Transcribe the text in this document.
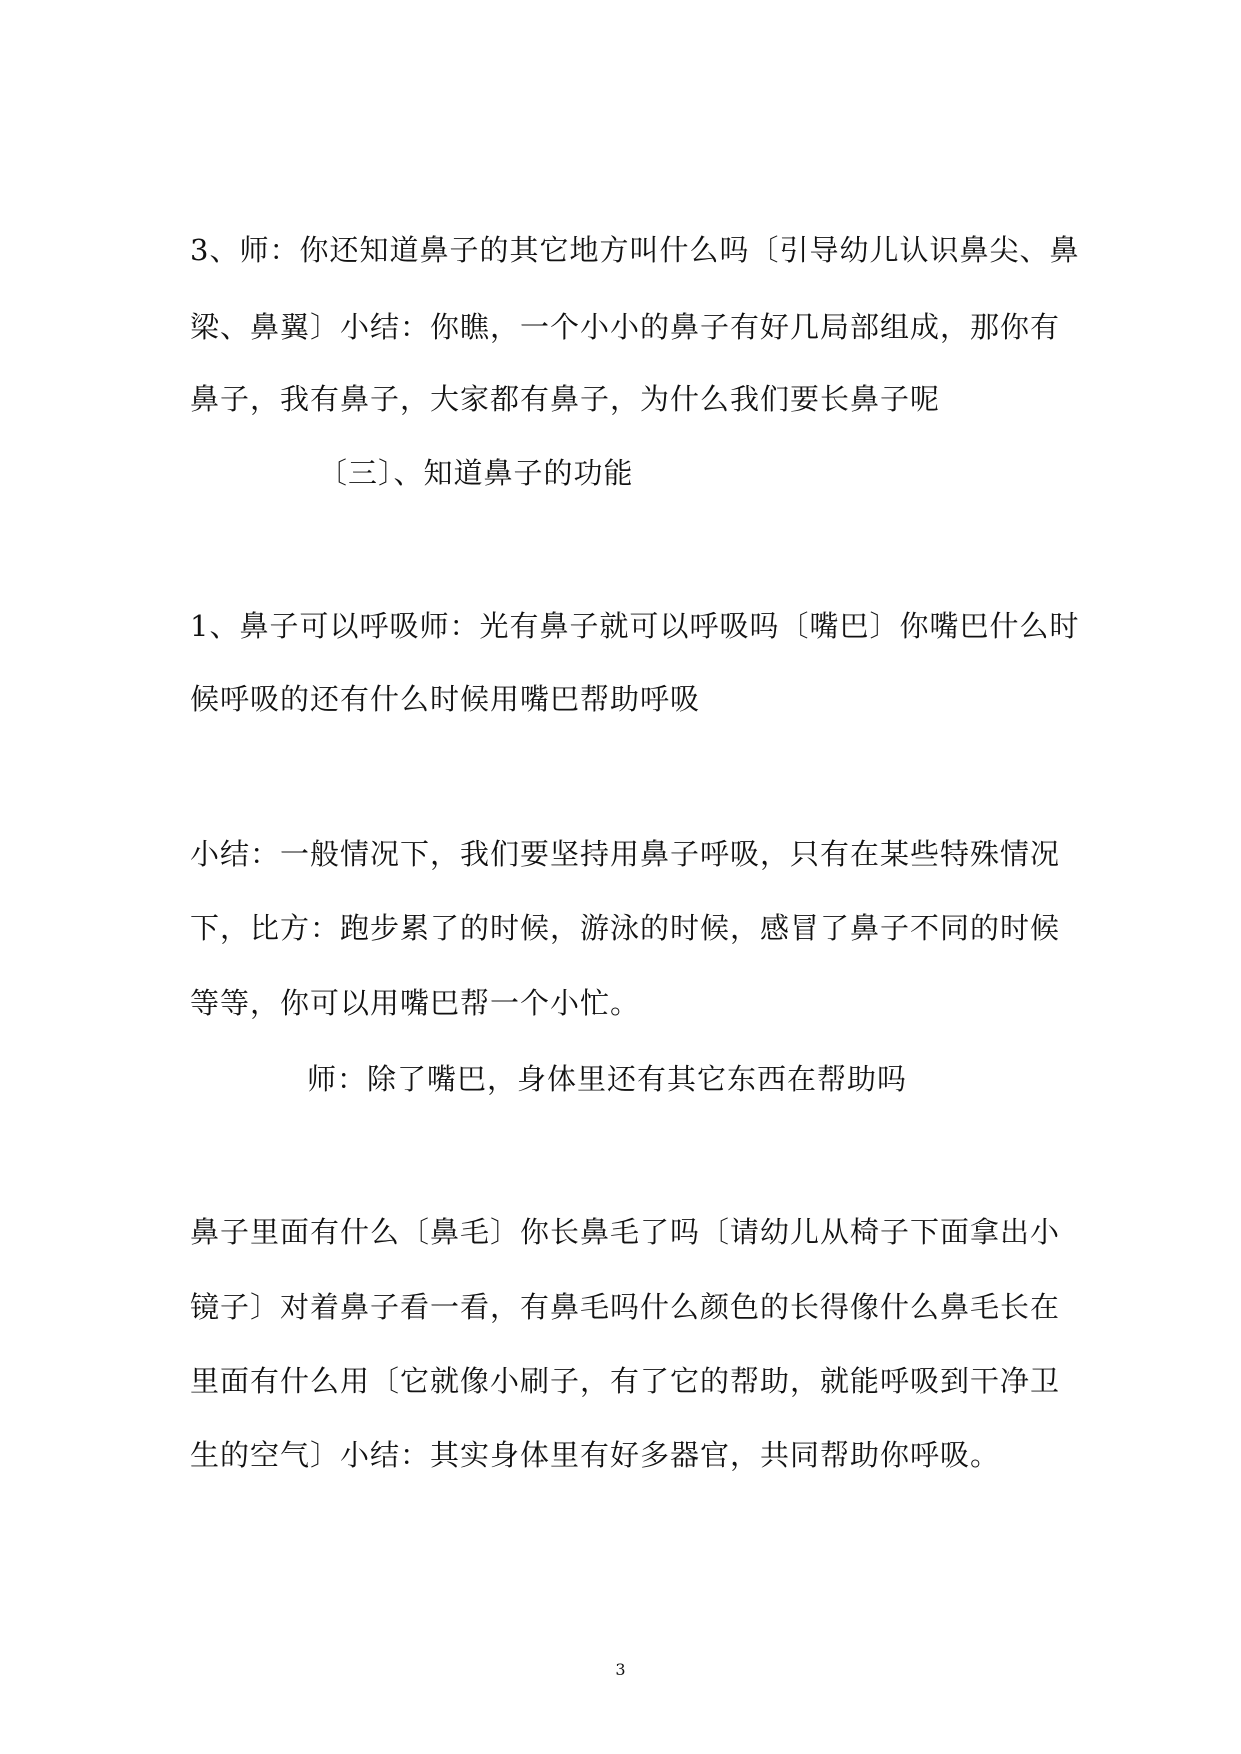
3、师：你还知道鼻子的其它地方叫什么吗〔引导幼儿认识鼻尖、鼻
梁、鼻翼〕小结：你瞧，一个小小的鼻子有好几局部组成，那你有
鼻子，我有鼻子，大家都有鼻子，为什么我们要长鼻子呢
〔三〕、知道鼻子的功能
1、鼻子可以呼吸师：光有鼻子就可以呼吸吗〔嘴巴〕你嘴巴什么时
候呼吸的还有什么时候用嘴巴帮助呼吸
小结：一般情况下，我们要坚持用鼻子呼吸，只有在某些特殊情况
下，比方：跑步累了的时候，游泳的时候，感冒了鼻子不同的时候
等等，你可以用嘴巴帮一个小忙。
师：除了嘴巴，身体里还有其它东西在帮助吗
鼻子里面有什么〔鼻毛〕你长鼻毛了吗〔请幼儿从椅子下面拿出小
镜子〕对着鼻子看一看，有鼻毛吗什么颜色的长得像什么鼻毛长在
里面有什么用〔它就像小刷子，有了它的帮助，就能呼吸到干净卫
生的空气〕小结：其实身体里有好多器官，共同帮助你呼吸。
3
